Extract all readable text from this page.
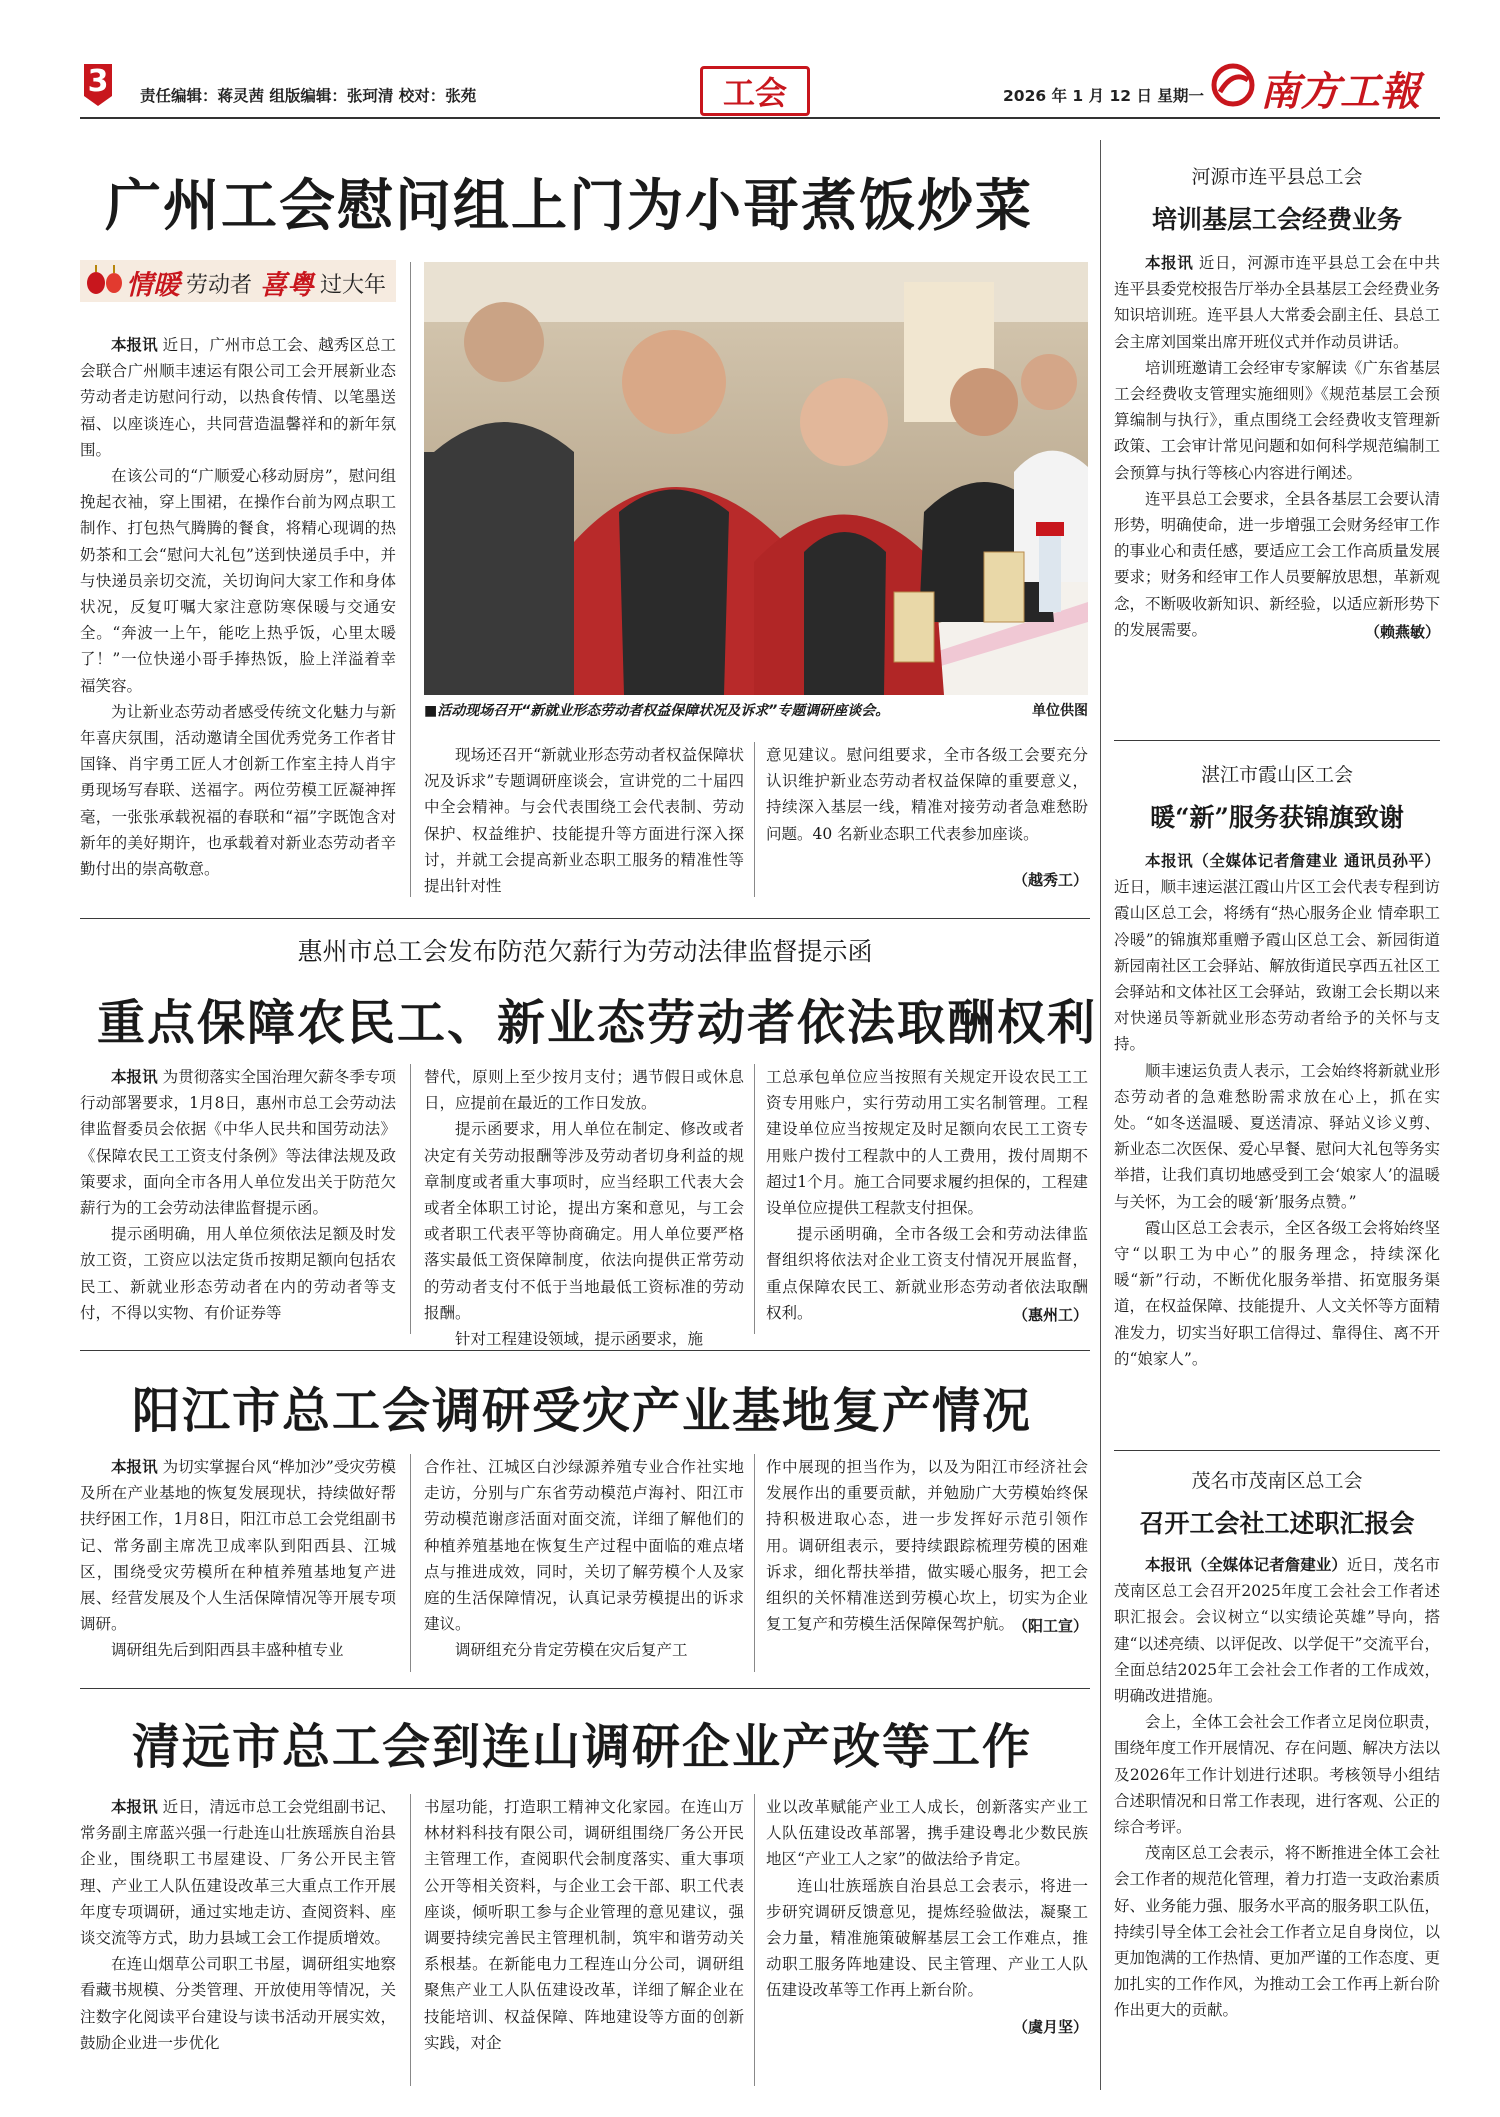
3	责任编辑：蒋灵茜 组版编辑：张珂清 校对：张苑	工会	2026 年 1 月 12 日 星期一 南方工報
广州工会慰问组上门为小哥煮饭炒菜
情暖 劳动者 喜粤 过大年

本报讯 近日，广州市总工会、越秀区总工会联合广州顺丰速运有限公司工会开展新业态劳动者走访慰问行动，以热食传情、以笔墨送福、以座谈连心，共同营造温馨祥和的新年氛围。

在该公司的“广顺爱心移动厨房”，慰问组挽起衣袖，穿上围裙，在操作台前为网点职工制作、打包热气腾腾的餐食，将精心现调的热奶茶和工会“慰问大礼包”送到快递员手中，并与快递员亲切交流，关切询问大家工作和身体状况，反复叮嘱大家注意防寒保暖与交通安全。“奔波一上午，能吃上热乎饭，心里太暖了！”一位快递小哥手捧热饭，脸上洋溢着幸福笑容。

为让新业态劳动者感受传统文化魅力与新年喜庆氛围，活动邀请全国优秀党务工作者甘国锋、肖宇勇工匠人才创新工作室主持人肖宇勇现场写春联、送福字。两位劳模工匠凝神挥毫，一张张承载祝福的春联和“福”字既饱含对新年的美好期许，也承载着对新业态劳动者辛勤付出的崇高敬意。

■活动现场召开“新就业形态劳动者权益保障状况及诉求”专题调研座谈会。	单位供图

现场还召开“新就业形态劳动者权益保障状况及诉求”专题调研座谈会，宣讲党的二十届四中全会精神。与会代表围绕工会代表制、劳动保护、权益维护、技能提升等方面进行深入探讨，并就工会提高新业态职工服务的精准性等提出针对性

意见建议。慰问组要求，全市各级工会要充分认识维护新业态劳动者权益保障的重要意义，持续深入基层一线，精准对接劳动者急难愁盼问题。40 名新业态职工代表参加座谈。

（越秀工）
惠州市总工会发布防范欠薪行为劳动法律监督提示函
重点保障农民工、新业态劳动者依法取酬权利

本报讯 为贯彻落实全国治理欠薪冬季专项行动部署要求，1月8日，惠州市总工会劳动法律监督委员会依据《中华人民共和国劳动法》《保障农民工工资支付条例》等法律法规及政策要求，面向全市各用人单位发出关于防范欠薪行为的工会劳动法律监督提示函。

提示函明确，用人单位须依法足额及时发放工资，工资应以法定货币按期足额向包括农民工、新就业形态劳动者在内的劳动者等支付，不得以实物、有价证券等

替代，原则上至少按月支付；遇节假日或休息日，应提前在最近的工作日发放。

提示函要求，用人单位在制定、修改或者决定有关劳动报酬等涉及劳动者切身利益的规章制度或者重大事项时，应当经职工代表大会或者全体职工讨论，提出方案和意见，与工会或者职工代表平等协商确定。用人单位要严格落实最低工资保障制度，依法向提供正常劳动的劳动者支付不低于当地最低工资标准的劳动报酬。

针对工程建设领域，提示函要求，施

工总承包单位应当按照有关规定开设农民工工资专用账户，实行劳动用工实名制管理。工程建设单位应当按规定及时足额向农民工工资专用账户拨付工程款中的人工费用，拨付周期不超过1个月。施工合同要求履约担保的，工程建设单位应提供工程款支付担保。

提示函明确，全市各级工会和劳动法律监督组织将依法对企业工资支付情况开展监督，重点保障农民工、新就业形态劳动者依法取酬权利。	（惠州工）
阳江市总工会调研受灾产业基地复产情况

本报讯 为切实掌握台风“桦加沙”受灾劳模及所在产业基地的恢复发展现状，持续做好帮扶纾困工作，1月8日，阳江市总工会党组副书记、常务副主席冼卫成率队到阳西县、江城区，围绕受灾劳模所在种植养殖基地复产进展、经营发展及个人生活保障情况等开展专项调研。

调研组先后到阳西县丰盛种植专业

合作社、江城区白沙绿源养殖专业合作社实地走访，分别与广东省劳动模范卢海衬、阳江市劳动模范谢彦活面对面交流，详细了解他们的种植养殖基地在恢复生产过程中面临的难点堵点与推进成效，同时，关切了解劳模个人及家庭的生活保障情况，认真记录劳模提出的诉求建议。

调研组充分肯定劳模在灾后复产工

作中展现的担当作为，以及为阳江市经济社会发展作出的重要贡献，并勉励广大劳模始终保持积极进取心态，进一步发挥好示范引领作用。调研组表示，要持续跟踪梳理劳模的困难诉求，细化帮扶举措，做实暖心服务，把工会组织的关怀精准送到劳模心坎上，切实为企业复工复产和劳模生活保障保驾护航。

（阳工宣）
清远市总工会到连山调研企业产改等工作

本报讯 近日，清远市总工会党组副书记、常务副主席蓝兴强一行赴连山壮族瑶族自治县企业，围绕职工书屋建设、厂务公开民主管理、产业工人队伍建设改革三大重点工作开展年度专项调研，通过实地走访、查阅资料、座谈交流等方式，助力县域工会工作提质增效。

在连山烟草公司职工书屋，调研组实地察看藏书规模、分类管理、开放使用等情况，关注数字化阅读平台建设与读书活动开展实效，鼓励企业进一步优化

书屋功能，打造职工精神文化家园。在连山万林材料科技有限公司，调研组围绕厂务公开民主管理工作，查阅职代会制度落实、重大事项公开等相关资料，与企业工会干部、职工代表座谈，倾听职工参与企业管理的意见建议，强调要持续完善民主管理机制，筑牢和谐劳动关系根基。在新能电力工程连山分公司，调研组聚焦产业工人队伍建设改革，详细了解企业在技能培训、权益保障、阵地建设等方面的创新实践，对企

业以改革赋能产业工人成长，创新落实产业工人队伍建设改革部署，携手建设粤北少数民族地区“产业工人之家”的做法给予肯定。

连山壮族瑶族自治县总工会表示，将进一步研究调研反馈意见，提炼经验做法，凝聚工会力量，精准施策破解基层工会工作难点，推动职工服务阵地建设、民主管理、产业工人队伍建设改革等工作再上新台阶。

（虞月坚）
河源市连平县总工会
培训基层工会经费业务

本报讯 近日，河源市连平县总工会在中共连平县委党校报告厅举办全县基层工会经费业务知识培训班。连平县人大常委会副主任、县总工会主席刘国棠出席开班仪式并作动员讲话。

培训班邀请工会经审专家解读《广东省基层工会经费收支管理实施细则》《规范基层工会预算编制与执行》，重点围绕工会经费收支管理新政策、工会审计常见问题和如何科学规范编制工会预算与执行等核心内容进行阐述。

连平县总工会要求，全县各基层工会要认清形势，明确使命，进一步增强工会财务经审工作的事业心和责任感，要适应工会工作高质量发展要求；财务和经审工作人员要解放思想，革新观念，不断吸收新知识、新经验，以适应新形势下的发展需要。	（赖燕敏）
湛江市霞山区工会
暖“新”服务获锦旗致谢

本报讯（全媒体记者詹建业 通讯员孙平）近日，顺丰速运湛江霞山片区工会代表专程到访霞山区总工会，将绣有“热心服务企业 情牵职工冷暖”的锦旗郑重赠予霞山区总工会、新园街道新园南社区工会驿站、解放街道民享西五社区工会驿站和文体社区工会驿站，致谢工会长期以来对快递员等新就业形态劳动者给予的关怀与支持。

顺丰速运负责人表示，工会始终将新就业形态劳动者的急难愁盼需求放在心上，抓在实处。“如冬送温暖、夏送清凉、驿站义诊义剪、新业态二次医保、爱心早餐、慰问大礼包等务实举措，让我们真切地感受到工会‘娘家人’的温暖与关怀，为工会的暖‘新’服务点赞。”

霞山区总工会表示，全区各级工会将始终坚守“以职工为中心”的服务理念，持续深化暖“新”行动，不断优化服务举措、拓宽服务渠道，在权益保障、技能提升、人文关怀等方面精准发力，切实当好职工信得过、靠得住、离不开的“娘家人”。

茂名市茂南区总工会
召开工会社工述职汇报会

本报讯（全媒体记者詹建业）近日，茂名市茂南区总工会召开2025年度工会社会工作者述职汇报会。会议树立“以实绩论英雄”导向，搭建“以述亮绩、以评促改、以学促干”交流平台，全面总结2025年工会社会工作者的工作成效，明确改进措施。

会上，全体工会社会工作者立足岗位职责，围绕年度工作开展情况、存在问题、解决方法以及2026年工作计划进行述职。考核领导小组结合述职情况和日常工作表现，进行客观、公正的综合考评。

茂南区总工会表示，将不断推进全体工会社会工作者的规范化管理，着力打造一支政治素质好、业务能力强、服务水平高的服务职工队伍，持续引导全体工会社会工作者立足自身岗位，以更加饱满的工作热情、更加严谨的工作态度、更加扎实的工作作风，为推动工会工作再上新台阶作出更大的贡献。
